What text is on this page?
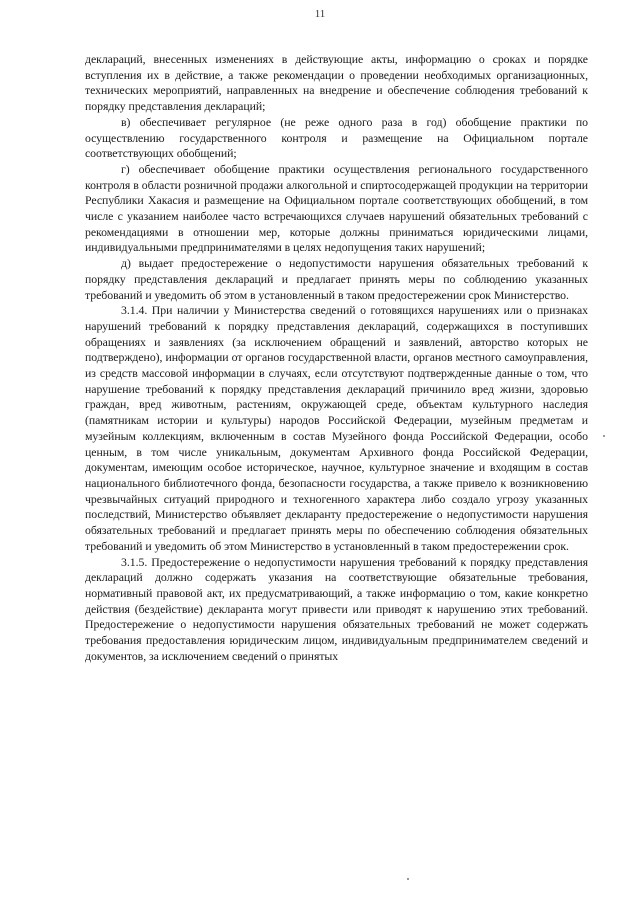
11

деклараций, внесенных изменениях в действующие акты, информацию о сроках и порядке вступления их в действие, а также рекомендации о проведении необходимых организационных, технических мероприятий, направленных на внедрение и обеспечение соблюдения требований к порядку представления деклараций;

в) обеспечивает регулярное (не реже одного раза в год) обобщение практики по осуществлению государственного контроля и размещение на Официальном портале соответствующих обобщений;

г) обеспечивает обобщение практики осуществления регионального государственного контроля в области розничной продажи алкогольной и спиртосодержащей продукции на территории Республики Хакасия и размещение на Официальном портале соответствующих обобщений, в том числе с указанием наиболее часто встречающихся случаев нарушений обязательных требований с рекомендациями в отношении мер, которые должны приниматься юридическими лицами, индивидуальными предпринимателями в целях недопущения таких нарушений;

д) выдает предостережение о недопустимости нарушения обязательных требований к порядку представления деклараций и предлагает принять меры по соблюдению указанных требований и уведомить об этом в установленный в таком предостережении срок Министерство.

3.1.4. При наличии у Министерства сведений о готовящихся нарушениях или о признаках нарушений требований к порядку представления деклараций, содержащихся в поступивших обращениях и заявлениях (за исключением обращений и заявлений, авторство которых не подтверждено), информации от органов государственной власти, органов местного самоуправления, из средств массовой информации в случаях, если отсутствуют подтвержденные данные о том, что нарушение требований к порядку представления деклараций причинило вред жизни, здоровью граждан, вред животным, растениям, окружающей среде, объектам культурного наследия (памятникам истории и культуры) народов Российской Федерации, музейным предметам и музейным коллекциям, включенным в состав Музейного фонда Российской Федерации, особо ценным, в том числе уникальным, документам Архивного фонда Российской Федерации, документам, имеющим особое историческое, научное, культурное значение и входящим в состав национального библиотечного фонда, безопасности государства, а также привело к возникновению чрезвычайных ситуаций природного и техногенного характера либо создало угрозу указанных последствий, Министерство объявляет декларанту предостережение о недопустимости нарушения обязательных требований и предлагает принять меры по обеспечению соблюдения обязательных требований и уведомить об этом Министерство в установленный в таком предостережении срок.

3.1.5. Предостережение о недопустимости нарушения требований к порядку представления деклараций должно содержать указания на соответствующие обязательные требования, нормативный правовой акт, их предусматривающий, а также информацию о том, какие конкретно действия (бездействие) декларанта могут привести или приводят к нарушению этих требований. Предостережение о недопустимости нарушения обязательных требований не может содержать требования предоставления юридическим лицом, индивидуальным предпринимателем сведений и документов, за исключением сведений о принятых
